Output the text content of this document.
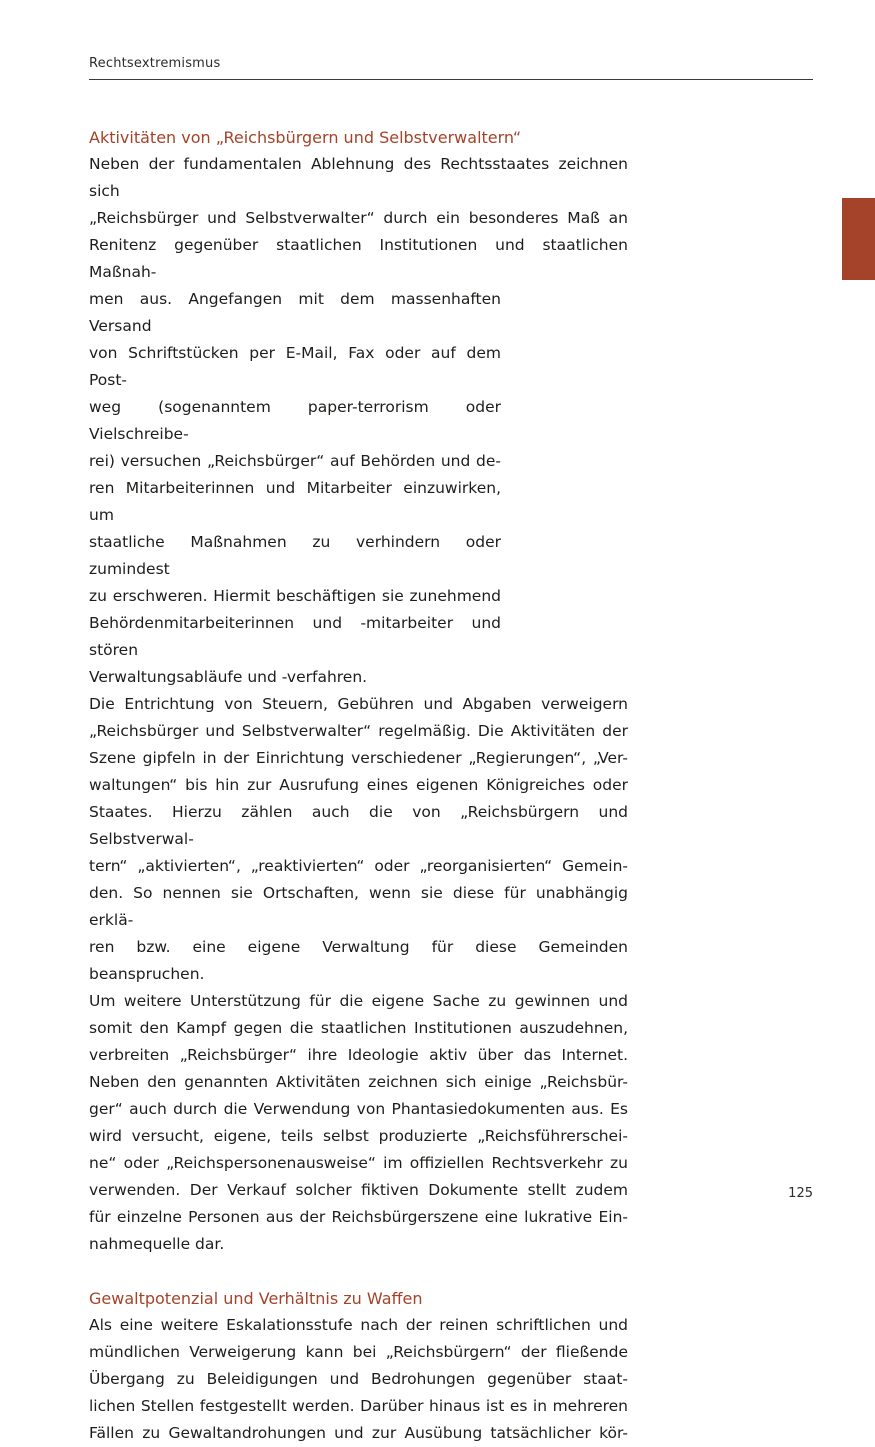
Rechtsextremismus
Aktivitäten von „Reichsbürgern und Selbstverwaltern“

Neben der fundamentalen Ablehnung des Rechtsstaates zeichnen sich
„Reichsbürger und Selbstverwalter“ durch ein besonderes Maß an
Renitenz gegenüber staatlichen Institutionen und staatlichen Maßnah-
men aus. Angefangen mit dem massenhaften Versand
von Schriftstücken per E-Mail, Fax oder auf dem Post-
weg (sogenanntem paper-terrorism oder Vielschreibe-
rei) versuchen „Reichsbürger“ auf Behörden und de-
ren Mitarbeiterinnen und Mitarbeiter einzuwirken, um
staatliche Maßnahmen zu verhindern oder zumindest
zu erschweren. Hiermit beschäftigen sie zunehmend
Behördenmitarbeiterinnen und -mitarbeiter und stören
Verwaltungsabläufe und -verfahren.

Die Entrichtung von Steuern, Gebühren und Abgaben verweigern
„Reichsbürger und Selbstverwalter“ regelmäßig. Die Aktivitäten der
Szene gipfeln in der Einrichtung verschiedener „Regierungen“, „Ver-
waltungen“ bis hin zur Ausrufung eines eigenen Königreiches oder
Staates. Hierzu zählen auch die von „Reichsbürgern und Selbstverwal-
tern“ „aktivierten“, „reaktivierten“ oder „reorganisierten“ Gemein-
den. So nennen sie Ortschaften, wenn sie diese für unabhängig erklä-
ren bzw. eine eigene Verwaltung für diese Gemeinden beanspruchen.
Um weitere Unterstützung für die eigene Sache zu gewinnen und
somit den Kampf gegen die staatlichen Institutionen auszudehnen,
verbreiten „Reichsbürger“ ihre Ideologie aktiv über das Internet.
Neben den genannten Aktivitäten zeichnen sich einige „Reichsbür-
ger“ auch durch die Verwendung von Phantasiedokumenten aus. Es
wird versucht, eigene, teils selbst produzierte „Reichsführerschei-
ne“ oder „Reichspersonenausweise“ im offiziellen Rechtsverkehr zu
verwenden. Der Verkauf solcher fiktiven Dokumente stellt zudem
für einzelne Personen aus der Reichsbürgerszene eine lukrative Ein-
nahmequelle dar.

Gewaltpotenzial und Verhältnis zu Waffen

Als eine weitere Eskalationsstufe nach der reinen schriftlichen und
mündlichen Verweigerung kann bei „Reichsbürgern“ der fließende
Übergang zu Beleidigungen und Bedrohungen gegenüber staat-
lichen Stellen festgestellt werden. Darüber hinaus ist es in mehreren
Fällen zu Gewaltandrohungen und zur Ausübung tatsächlicher kör-

125
